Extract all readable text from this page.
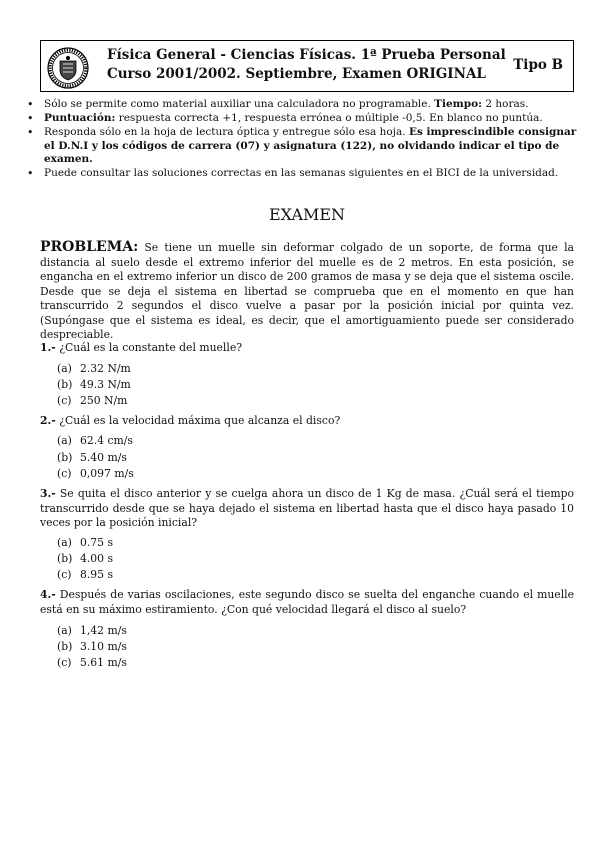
Física General - Ciencias Físicas. 1ª Prueba Personal
Curso 2001/2002. Septiembre, Examen ORIGINAL
Tipo B
• Sólo se permite como material auxiliar una calculadora no programable. Tiempo: 2 horas.
• Puntuación: respuesta correcta +1, respuesta errónea o múltiple -0,5. En blanco no puntúa.
• Responda sólo en la hoja de lectura óptica y entregue sólo esa hoja. Es imprescindible consignar el D.N.I y los códigos de carrera (07) y asignatura (122), no olvidando indicar el tipo de examen.
• Puede consultar las soluciones correctas en las semanas siguientes en el BICI de la universidad.
EXAMEN
PROBLEMA: Se tiene un muelle sin deformar colgado de un soporte, de forma que la distancia al suelo desde el extremo inferior del muelle es de 2 metros. En esta posición, se engancha en el extremo inferior un disco de 200 gramos de masa y se deja que el sistema oscile. Desde que se deja el sistema en libertad se comprueba que en el momento en que han transcurrido 2 segundos el disco vuelve a pasar por la posición inicial por quinta vez. (Supóngase que el sistema es ideal, es decir, que el amortiguamiento puede ser considerado despreciable.
1.- ¿Cuál es la constante del muelle?
(a) 2.32 N/m
(b) 49.3 N/m
(c) 250 N/m
2.- ¿Cuál es la velocidad máxima que alcanza el disco?
(a) 62.4 cm/s
(b) 5.40 m/s
(c) 0,097 m/s
3.- Se quita el disco anterior y se cuelga ahora un disco de 1 Kg de masa. ¿Cuál será el tiempo transcurrido desde que se haya dejado el sistema en libertad hasta que el disco haya pasado 10 veces por la posición inicial?
(a) 0.75 s
(b) 4.00 s
(c) 8.95 s
4.- Después de varias oscilaciones, este segundo disco se suelta del enganche cuando el muelle está en su máximo estiramiento. ¿Con qué velocidad llegará el disco al suelo?
(a) 1,42 m/s
(b) 3.10 m/s
(c) 5.61 m/s
